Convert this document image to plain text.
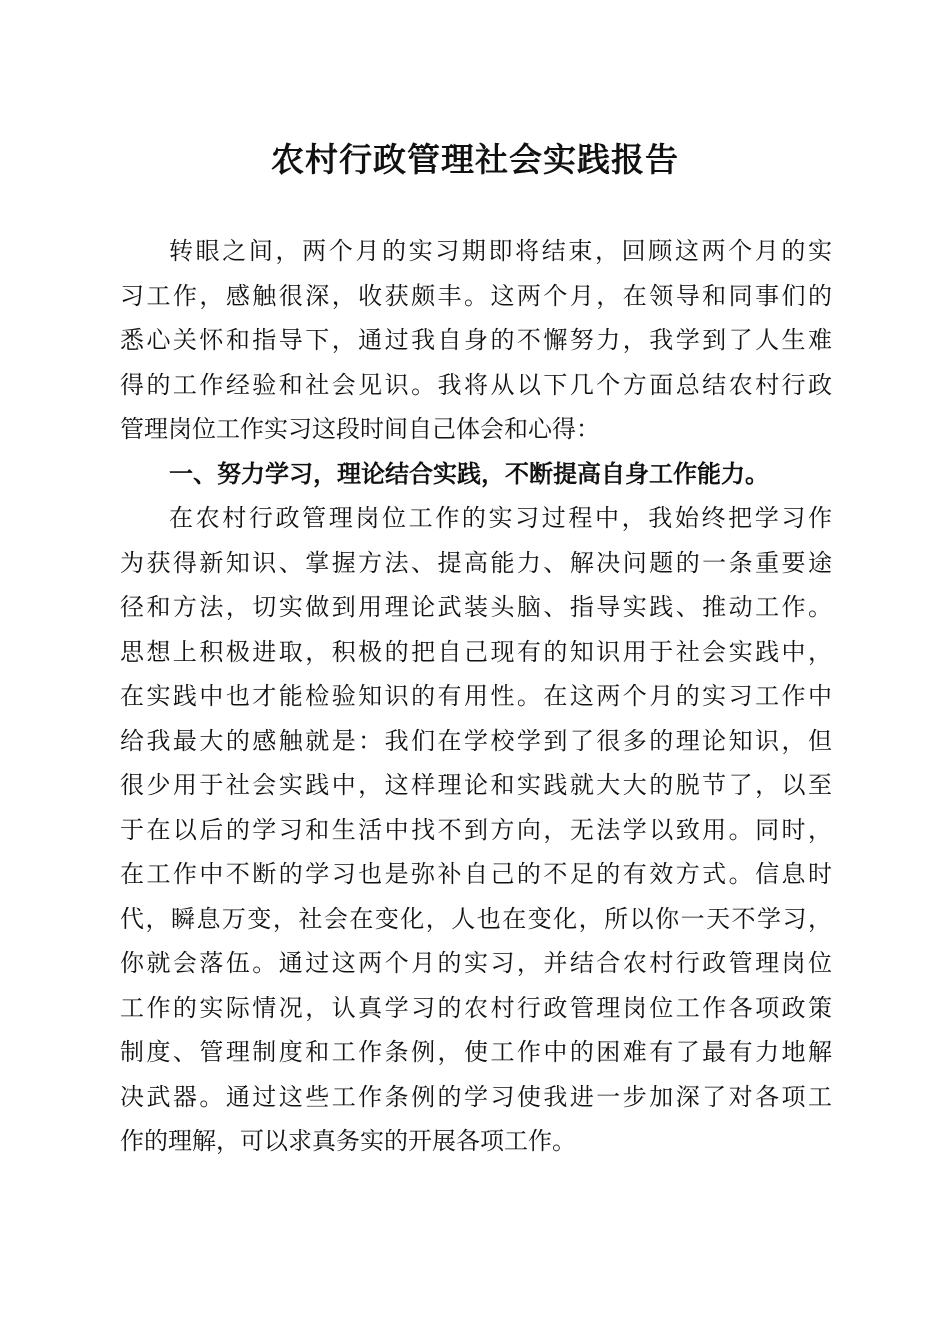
农村行政管理社会实践报告
转眼之间，两个月的实习期即将结束，回顾这两个月的实
习工作，感触很深，收获颇丰。这两个月，在领导和同事们的
悉心关怀和指导下，通过我自身的不懈努力，我学到了人生难
得的工作经验和社会见识。我将从以下几个方面总结农村行政
管理岗位工作实习这段时间自己体会和心得：
一、努力学习，理论结合实践，不断提高自身工作能力。
在农村行政管理岗位工作的实习过程中，我始终把学习作
为获得新知识、掌握方法、提高能力、解决问题的一条重要途
径和方法，切实做到用理论武装头脑、指导实践、推动工作。
思想上积极进取，积极的把自己现有的知识用于社会实践中，
在实践中也才能检验知识的有用性。在这两个月的实习工作中
给我最大的感触就是：我们在学校学到了很多的理论知识，但
很少用于社会实践中，这样理论和实践就大大的脱节了，以至
于在以后的学习和生活中找不到方向，无法学以致用。同时，
在工作中不断的学习也是弥补自己的不足的有效方式。信息时
代，瞬息万变，社会在变化，人也在变化，所以你一天不学习，
你就会落伍。通过这两个月的实习，并结合农村行政管理岗位
工作的实际情况，认真学习的农村行政管理岗位工作各项政策
制度、管理制度和工作条例，使工作中的困难有了最有力地解
决武器。通过这些工作条例的学习使我进一步加深了对各项工
作的理解，可以求真务实的开展各项工作。
